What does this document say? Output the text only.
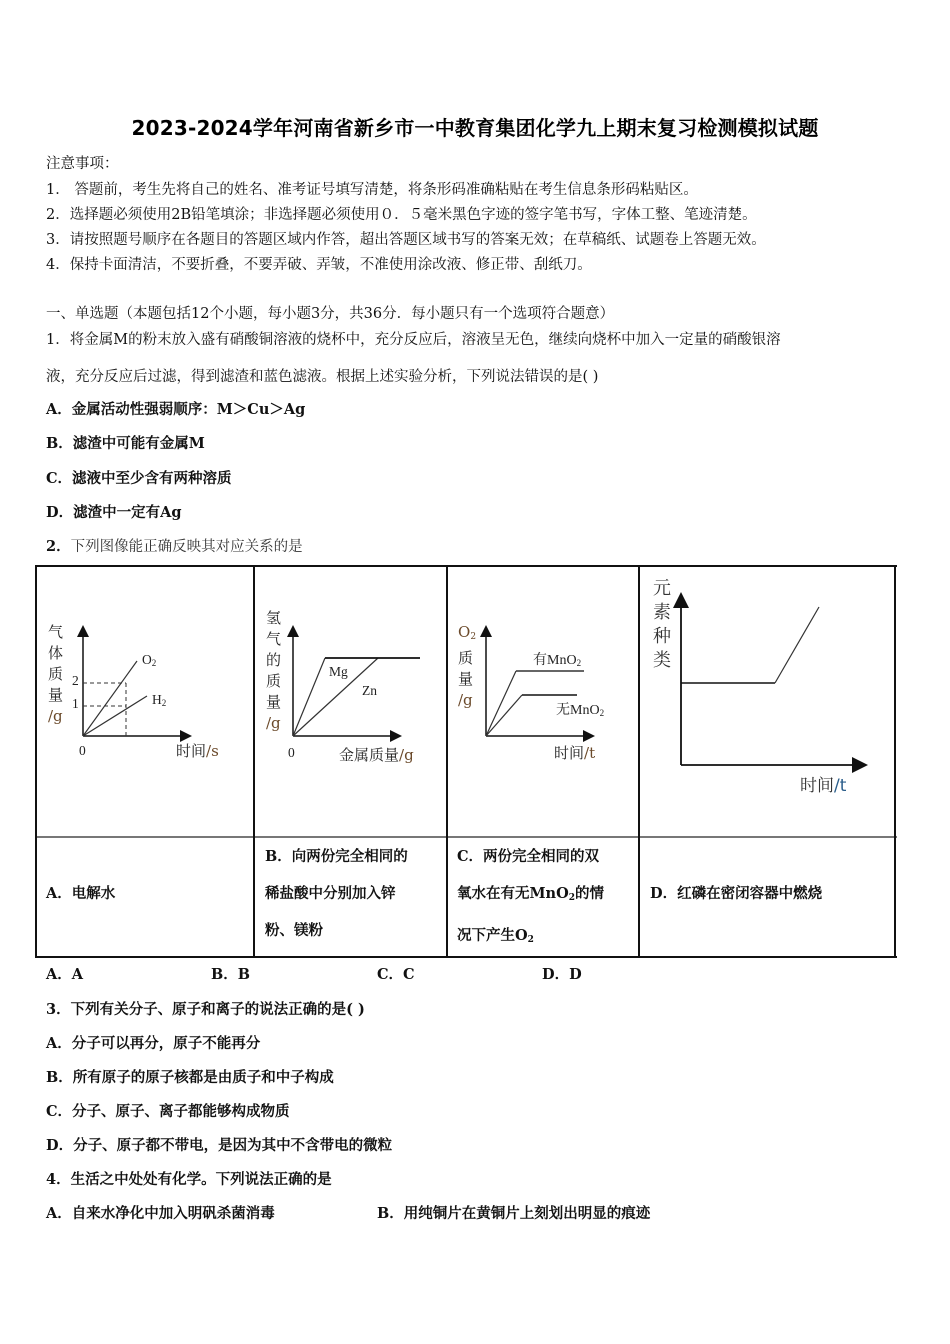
2023-2024学年河南省新乡市一中教育集团化学九上期末复习检测模拟试题
注意事项：
1． 答题前，考生先将自己的姓名、准考证号填写清楚，将条形码准确粘贴在考生信息条形码粘贴区。
2．选择题必须使用2B铅笔填涂；非选择题必须使用０．５毫米黑色字迹的签字笔书写，字体工整、笔迹清楚。
3．请按照题号顺序在各题目的答题区域内作答，超出答题区域书写的答案无效；在草稿纸、试题卷上答题无效。
4．保持卡面清洁，不要折叠，不要弄破、弄皱，不准使用涂改液、修正带、刮纸刀。
一、单选题（本题包括12个小题，每小题3分，共36分．每小题只有一个选项符合题意）
1．将金属M的粉末放入盛有硝酸铜溶液的烧杯中，充分反应后，溶液呈无色，继续向烧杯中加入一定量的硝酸银溶
液，充分反应后过滤，得到滤渣和蓝色滤液。根据上述实验分析，下列说法错误的是( )
A．金属活动性强弱顺序：M＞Cu＞Ag
B．滤渣中可能有金属M
C．滤液中至少含有两种溶质
D．滤渣中一定有Ag
2．下列图像能正确反映其对应关系的是
气
体
质
量
/g
2
1
0
$O_2$
$H_2$
时间/s
氢
气
的
质
量
/g
Mg
Zn
0	金属质量/g
$O_2$
质
量
/g
有MnO$_2$
无MnO$_2$
时间/t
元
素
种
类
时间/t
A．电解水
B．向两份完全相同的
稀盐酸中分别加入锌
粉、镁粉
C．两份完全相同的双
氧水在有无MnO$_2$的情
况下产生$O_2$
D．红磷在密闭容器中燃烧
A．A	B．B	C．C	D．D
3．下列有关分子、原子和离子的说法正确的是( )
A．分子可以再分，原子不能再分
B．所有原子的原子核都是由质子和中子构成
C．分子、原子、离子都能够构成物质
D．分子、原子都不带电，是因为其中不含带电的微粒
4．生活之中处处有化学。下列说法正确的是
A．自来水净化中加入明矾杀菌消毒	B．用纯铜片在黄铜片上刻划出明显的痕迹
